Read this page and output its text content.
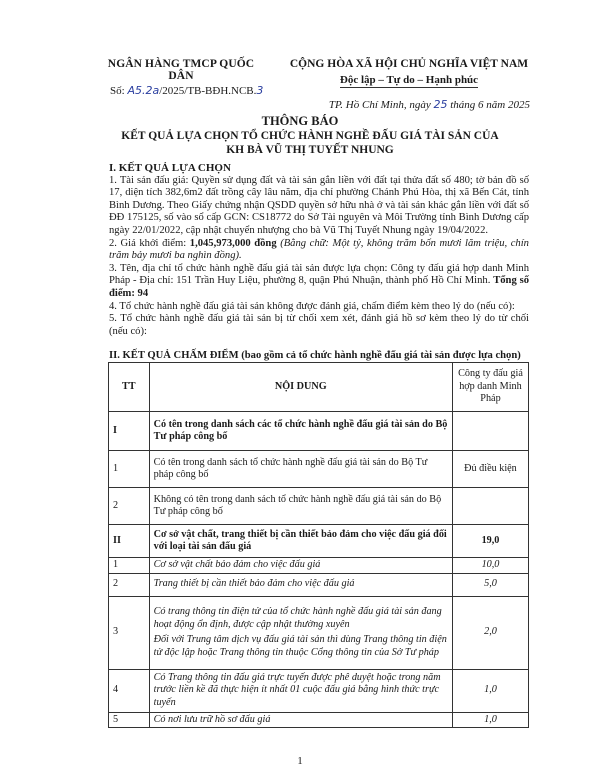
NGÂN HÀNG TMCP QUỐC DÂN
CỘNG HÒA XÃ HỘI CHỦ NGHĨA VIỆT NAM
Độc lập – Tự do – Hạnh phúc
Số: A5.2a/2025/TB-BĐH.NCB.3
TP. Hồ Chí Minh, ngày 25 tháng 6 năm 2025
THÔNG BÁO
KẾT QUẢ LỰA CHỌN TỔ CHỨC HÀNH NGHỀ ĐẤU GIÁ TÀI SẢN CỦA
KH BÀ VŨ THỊ TUYẾT NHUNG

I. KẾT QUẢ LỰA CHỌN

1. Tài sản đấu giá: Quyền sử dụng đất và tài sản gắn liền với đất tại thửa đất số 480; tờ bản đồ số 17, diện tích 382,6m2 đất trồng cây lâu năm, địa chỉ phường Chánh Phú Hòa, thị xã Bến Cát, tỉnh Bình Dương. Theo Giấy chứng nhận QSDD quyền sở hữu nhà ở và tài sản khác gắn liền với đất số ĐĐ 175125, số vào sổ cấp GCN: CS18772 do Sở Tài nguyên và Môi Trường tỉnh Bình Dương cấp ngày 22/01/2022, cập nhật chuyển nhượng cho bà Vũ Thị Tuyết Nhung ngày 19/04/2022.

2. Giá khởi điểm: 1,045,973,000 đồng (Bằng chữ: Một tỷ, không trăm bốn mươi lăm triệu, chín trăm bảy mươi ba nghìn đồng).

3. Tên, địa chỉ tổ chức hành nghề đấu giá tài sản được lựa chọn: Công ty đấu giá hợp danh Minh Pháp - Địa chỉ: 151 Trần Huy Liệu, phường 8, quận Phú Nhuận, thành phố Hồ Chí Minh. Tổng số điểm: 94

4. Tổ chức hành nghề đấu giá tài sản không được đánh giá, chấm điểm kèm theo lý do (nếu có):

5. Tổ chức hành nghề đấu giá tài sản bị từ chối xem xét, đánh giá hồ sơ kèm theo lý do từ chối (nếu có):

II. KẾT QUẢ CHẤM ĐIỂM (bao gồm cả tổ chức hành nghề đấu giá tài sản được lựa chọn)
TT	NỘI DUNG	Công ty đấu giá hợp danh Minh Pháp
I	Có tên trong danh sách các tổ chức hành nghề đấu giá tài sản do Bộ Tư pháp công bố	
1	Có tên trong danh sách tổ chức hành nghề đấu giá tài sản do Bộ Tư pháp công bố	Đủ điều kiện
2	Không có tên trong danh sách tổ chức hành nghề đấu giá tài sản do Bộ Tư pháp công bố	
II	Cơ sở vật chất, trang thiết bị cần thiết bảo đảm cho việc đấu giá đối với loại tài sản đấu giá	19,0
1	Cơ sở vật chất bảo đảm cho việc đấu giá	10,0
2	Trang thiết bị cần thiết bảo đảm cho việc đấu giá	5,0
3	Có trang thông tin điện tử của tổ chức hành nghề đấu giá tài sản đang hoạt động ổn định, được cập nhật thường xuyên
Đối với Trung tâm dịch vụ đấu giá tài sản thì dùng Trang thông tin điện tử độc lập hoặc Trang thông tin thuộc Cổng thông tin của Sở Tư pháp	2,0
4	Có Trang thông tin đấu giá trực tuyến được phê duyệt hoặc trong năm trước liền kề đã thực hiện ít nhất 01 cuộc đấu giá bằng hình thức trực tuyến	1,0
5	Có nơi lưu trữ hồ sơ đấu giá	1,0
1
